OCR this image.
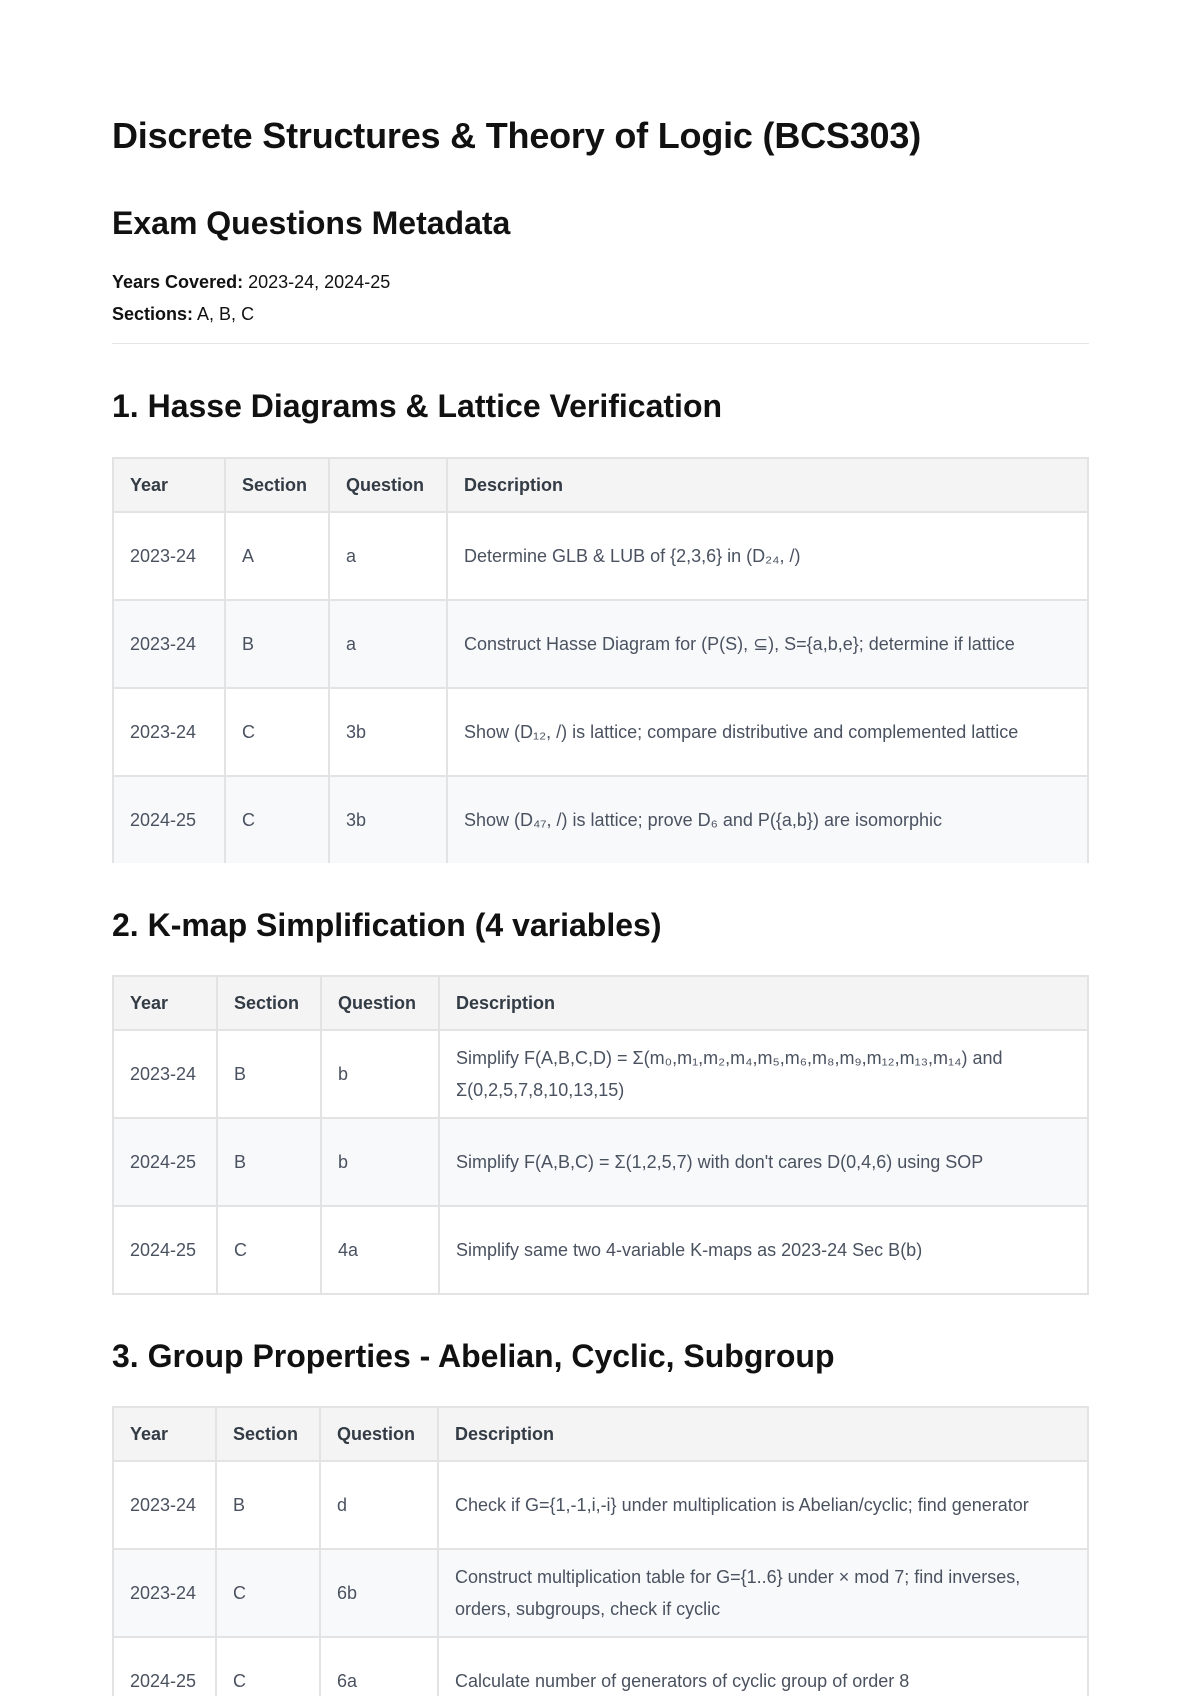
Discrete Structures & Theory of Logic (BCS303)
Exam Questions Metadata
Years Covered: 2023-24, 2024-25
Sections: A, B, C
1. Hasse Diagrams & Lattice Verification
Year	Section	Question	Description
2023-24	A	a	Determine GLB & LUB of {2,3,6} in (D₂₄, /)
2023-24	B	a	Construct Hasse Diagram for (P(S), ⊆), S={a,b,e}; determine if lattice
2023-24	C	3b	Show (D₁₂, /) is lattice; compare distributive and complemented lattice
2024-25	C	3b	Show (D₄₇, /) is lattice; prove D₆ and P({a,b}) are isomorphic
2. K-map Simplification (4 variables)
Year	Section	Question	Description
2023-24	B	b	Simplify F(A,B,C,D) = Σ(m₀,m₁,m₂,m₄,m₅,m₆,m₈,m₉,m₁₂,m₁₃,m₁₄) and Σ(0,2,5,7,8,10,13,15)
2024-25	B	b	Simplify F(A,B,C) = Σ(1,2,5,7) with don't cares D(0,4,6) using SOP
2024-25	C	4a	Simplify same two 4-variable K-maps as 2023-24 Sec B(b)
3. Group Properties - Abelian, Cyclic, Subgroup
Year	Section	Question	Description
2023-24	B	d	Check if G={1,-1,i,-i} under multiplication is Abelian/cyclic; find generator
2023-24	C	6b	Construct multiplication table for G={1..6} under × mod 7; find inverses, orders, subgroups, check if cyclic
2024-25	C	6a	Calculate number of generators of cyclic group of order 8
